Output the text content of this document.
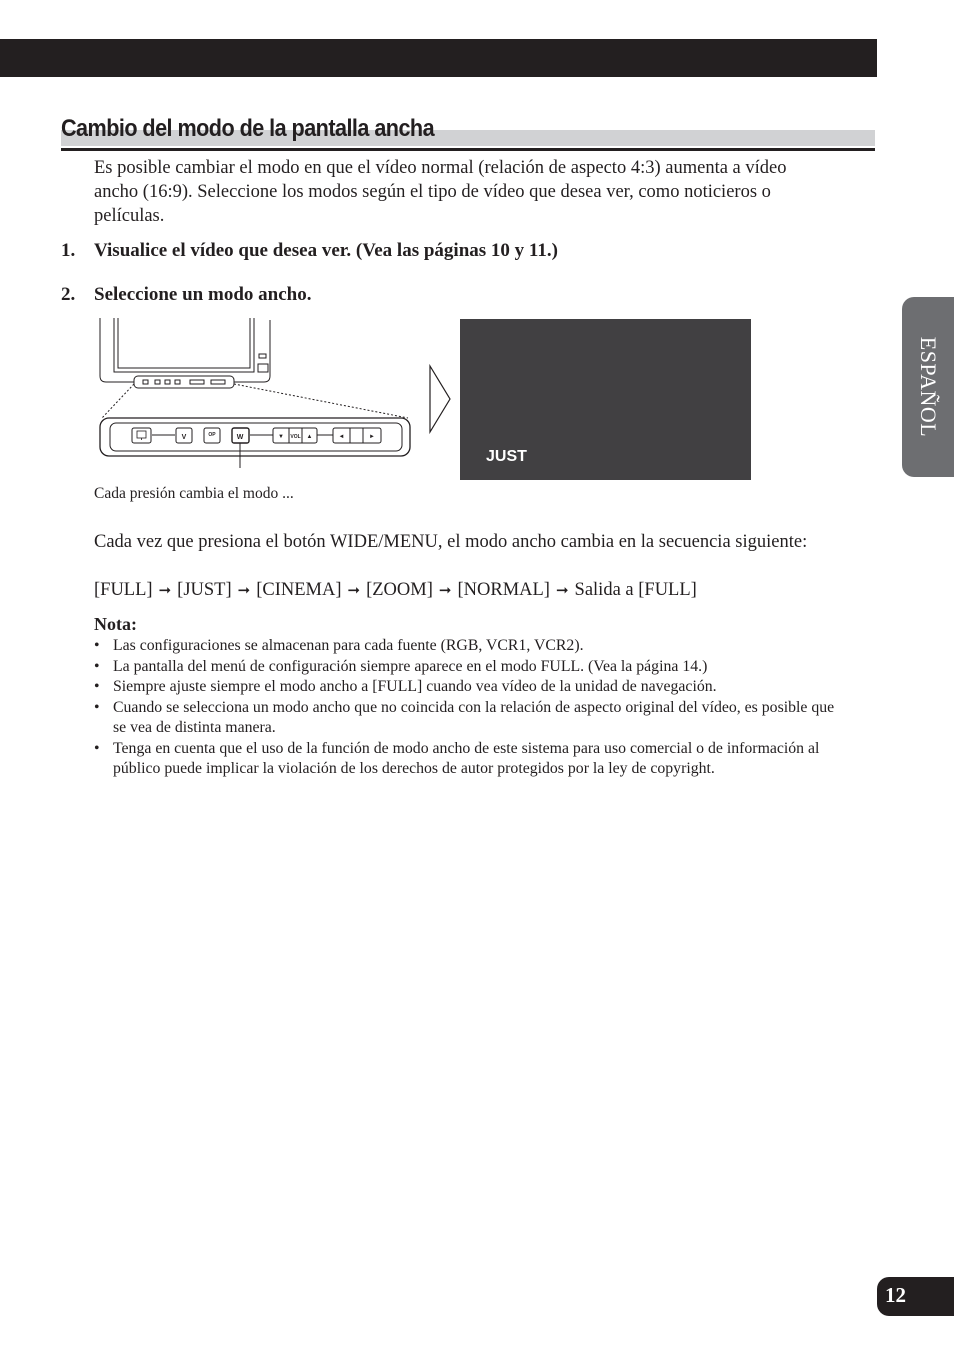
Cambio del modo de la pantalla ancha

Es posible cambiar el modo en que el vídeo normal (relación de aspecto 4:3) aumenta a vídeo ancho (16:9). Seleccione los modos según el tipo de vídeo que desea ver, como noticieros o películas.

1. Visualice el vídeo que desea ver. (Vea las páginas 10 y 11.)

2. Seleccione un modo ancho.

V	OP	W	▼ VOL ▲	◄	►
JUST
Cada presión cambia el modo ...

Cada vez que presiona el botón WIDE/MENU, el modo ancho cambia en la secuencia siguiente:

[FULL] ➞ [JUST] ➞ [CINEMA] ➞ [ZOOM] ➞ [NORMAL] ➞ Salida a [FULL]
Nota:
• Las configuraciones se almacenan para cada fuente (RGB, VCR1, VCR2).
• La pantalla del menú de configuración siempre aparece en el modo FULL. (Vea la página 14.)
• Siempre ajuste siempre el modo ancho a [FULL] cuando vea vídeo de la unidad de navegación.
• Cuando se selecciona un modo ancho que no coincida con la relación de aspecto original del vídeo, es posible que se vea de distinta manera.
• Tenga en cuenta que el uso de la función de modo ancho de este sistema para uso comercial o de información al público puede implicar la violación de los derechos de autor protegidos por la ley de copyright.
ESPAÑOL
12
